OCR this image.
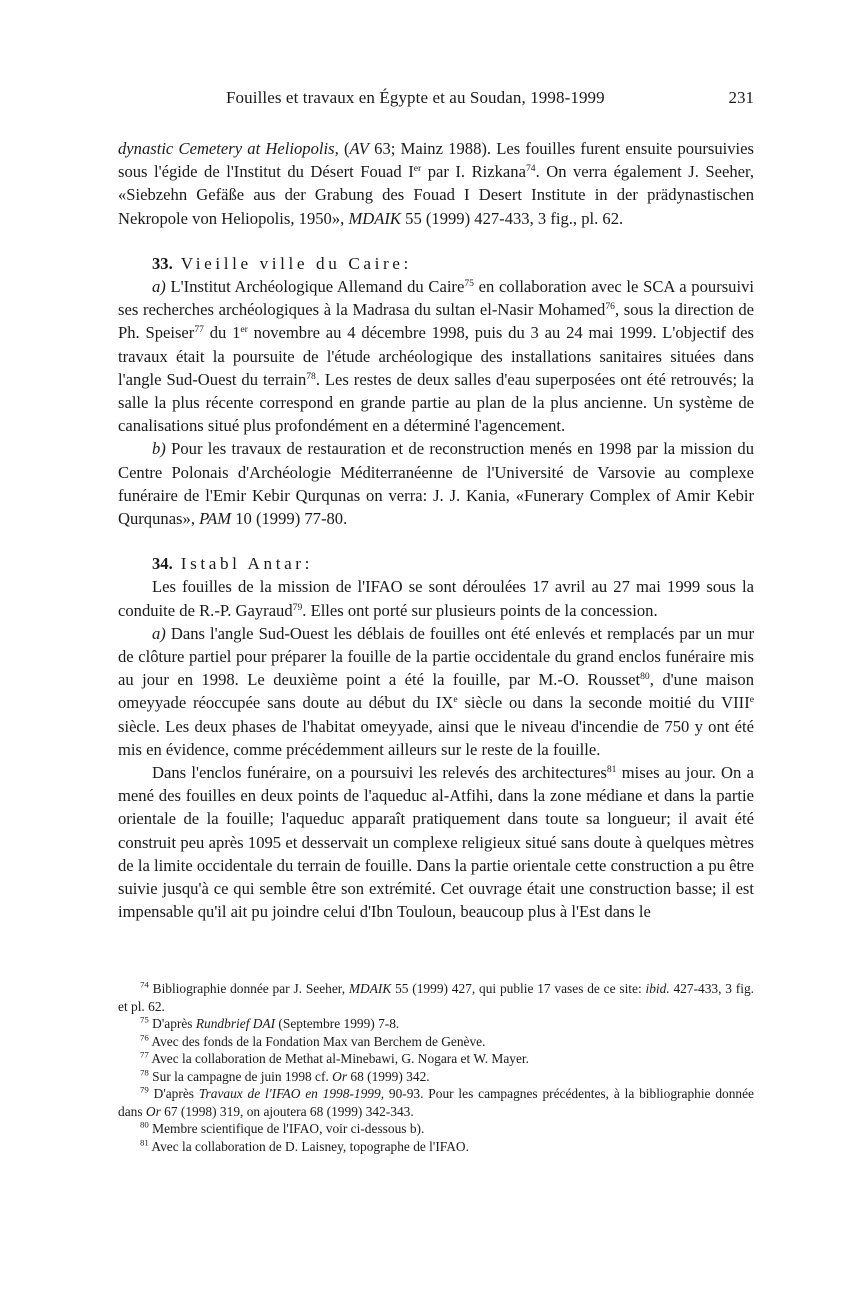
Fouilles et travaux en Égypte et au Soudan, 1998-1999	231

dynastic Cemetery at Heliopolis, (AV 63; Mainz 1988). Les fouilles furent ensuite poursuivies sous l'égide de l'Institut du Désert Fouad Ier par I. Rizkana$^{74}$. On verra également J. Seeher, «Siebzehn Gefäße aus der Grabung des Fouad I Desert Institute in der prädynastischen Nekropole von Heliopolis, 1950», MDAIK 55 (1999) 427-433, 3 fig., pl. 62.

33. Vieille ville du Caire:

a) L'Institut Archéologique Allemand du Caire$^{75}$ en collaboration avec le SCA a poursuivi ses recherches archéologiques à la Madrasa du sultan el-Nasir Mohamed$^{76}$, sous la direction de Ph. Speiser$^{77}$ du 1er novembre au 4 décembre 1998, puis du 3 au 24 mai 1999. L'objectif des travaux était la poursuite de l'étude archéologique des installations sanitaires situées dans l'angle Sud-Ouest du terrain$^{78}$. Les restes de deux salles d'eau superposées ont été retrouvés; la salle la plus récente correspond en grande partie au plan de la plus ancienne. Un système de canalisations situé plus profondément en a déterminé l'agencement.

b) Pour les travaux de restauration et de reconstruction menés en 1998 par la mission du Centre Polonais d'Archéologie Méditerranéenne de l'Université de Varsovie au complexe funéraire de l'Emir Kebir Qurqunas on verra: J. J. Kania, «Funerary Complex of Amir Kebir Qurqunas», PAM 10 (1999) 77-80.

34. Istabl Antar:

Les fouilles de la mission de l'IFAO se sont déroulées 17 avril au 27 mai 1999 sous la conduite de R.-P. Gayraud$^{79}$. Elles ont porté sur plusieurs points de la concession.

a) Dans l'angle Sud-Ouest les déblais de fouilles ont été enlevés et remplacés par un mur de clôture partiel pour préparer la fouille de la partie occidentale du grand enclos funéraire mis au jour en 1998. Le deuxième point a été la fouille, par M.-O. Rousset$^{80}$, d'une maison omeyyade réoccupée sans doute au début du IXe siècle ou dans la seconde moitié du VIIIe siècle. Les deux phases de l'habitat omeyyade, ainsi que le niveau d'incendie de 750 y ont été mis en évidence, comme précédemment ailleurs sur le reste de la fouille.

Dans l'enclos funéraire, on a poursuivi les relevés des architectures$^{81}$ mises au jour. On a mené des fouilles en deux points de l'aqueduc al-Atfihi, dans la zone médiane et dans la partie orientale de la fouille; l'aqueduc apparaît pratiquement dans toute sa longueur; il avait été construit peu après 1095 et desservait un complexe religieux situé sans doute à quelques mètres de la limite occidentale du terrain de fouille. Dans la partie orientale cette construction a pu être suivie jusqu'à ce qui semble être son extrémité. Cet ouvrage était une construction basse; il est impensable qu'il ait pu joindre celui d'Ibn Touloun, beaucoup plus à l'Est dans le

$^{74}$ Bibliographie donnée par J. Seeher, MDAIK 55 (1999) 427, qui publie 17 vases de ce site: ibid. 427-433, 3 fig. et pl. 62.

$^{75}$ D'après Rundbrief DAI (Septembre 1999) 7-8.

$^{76}$ Avec des fonds de la Fondation Max van Berchem de Genève.

$^{77}$ Avec la collaboration de Methat al-Minebawi, G. Nogara et W. Mayer.

$^{78}$ Sur la campagne de juin 1998 cf. Or 68 (1999) 342.

$^{79}$ D'après Travaux de l'IFAO en 1998-1999, 90-93. Pour les campagnes précédentes, à la bibliographie donnée dans Or 67 (1998) 319, on ajoutera 68 (1999) 342-343.

$^{80}$ Membre scientifique de l'IFAO, voir ci-dessous b).

$^{81}$ Avec la collaboration de D. Laisney, topographe de l'IFAO.
